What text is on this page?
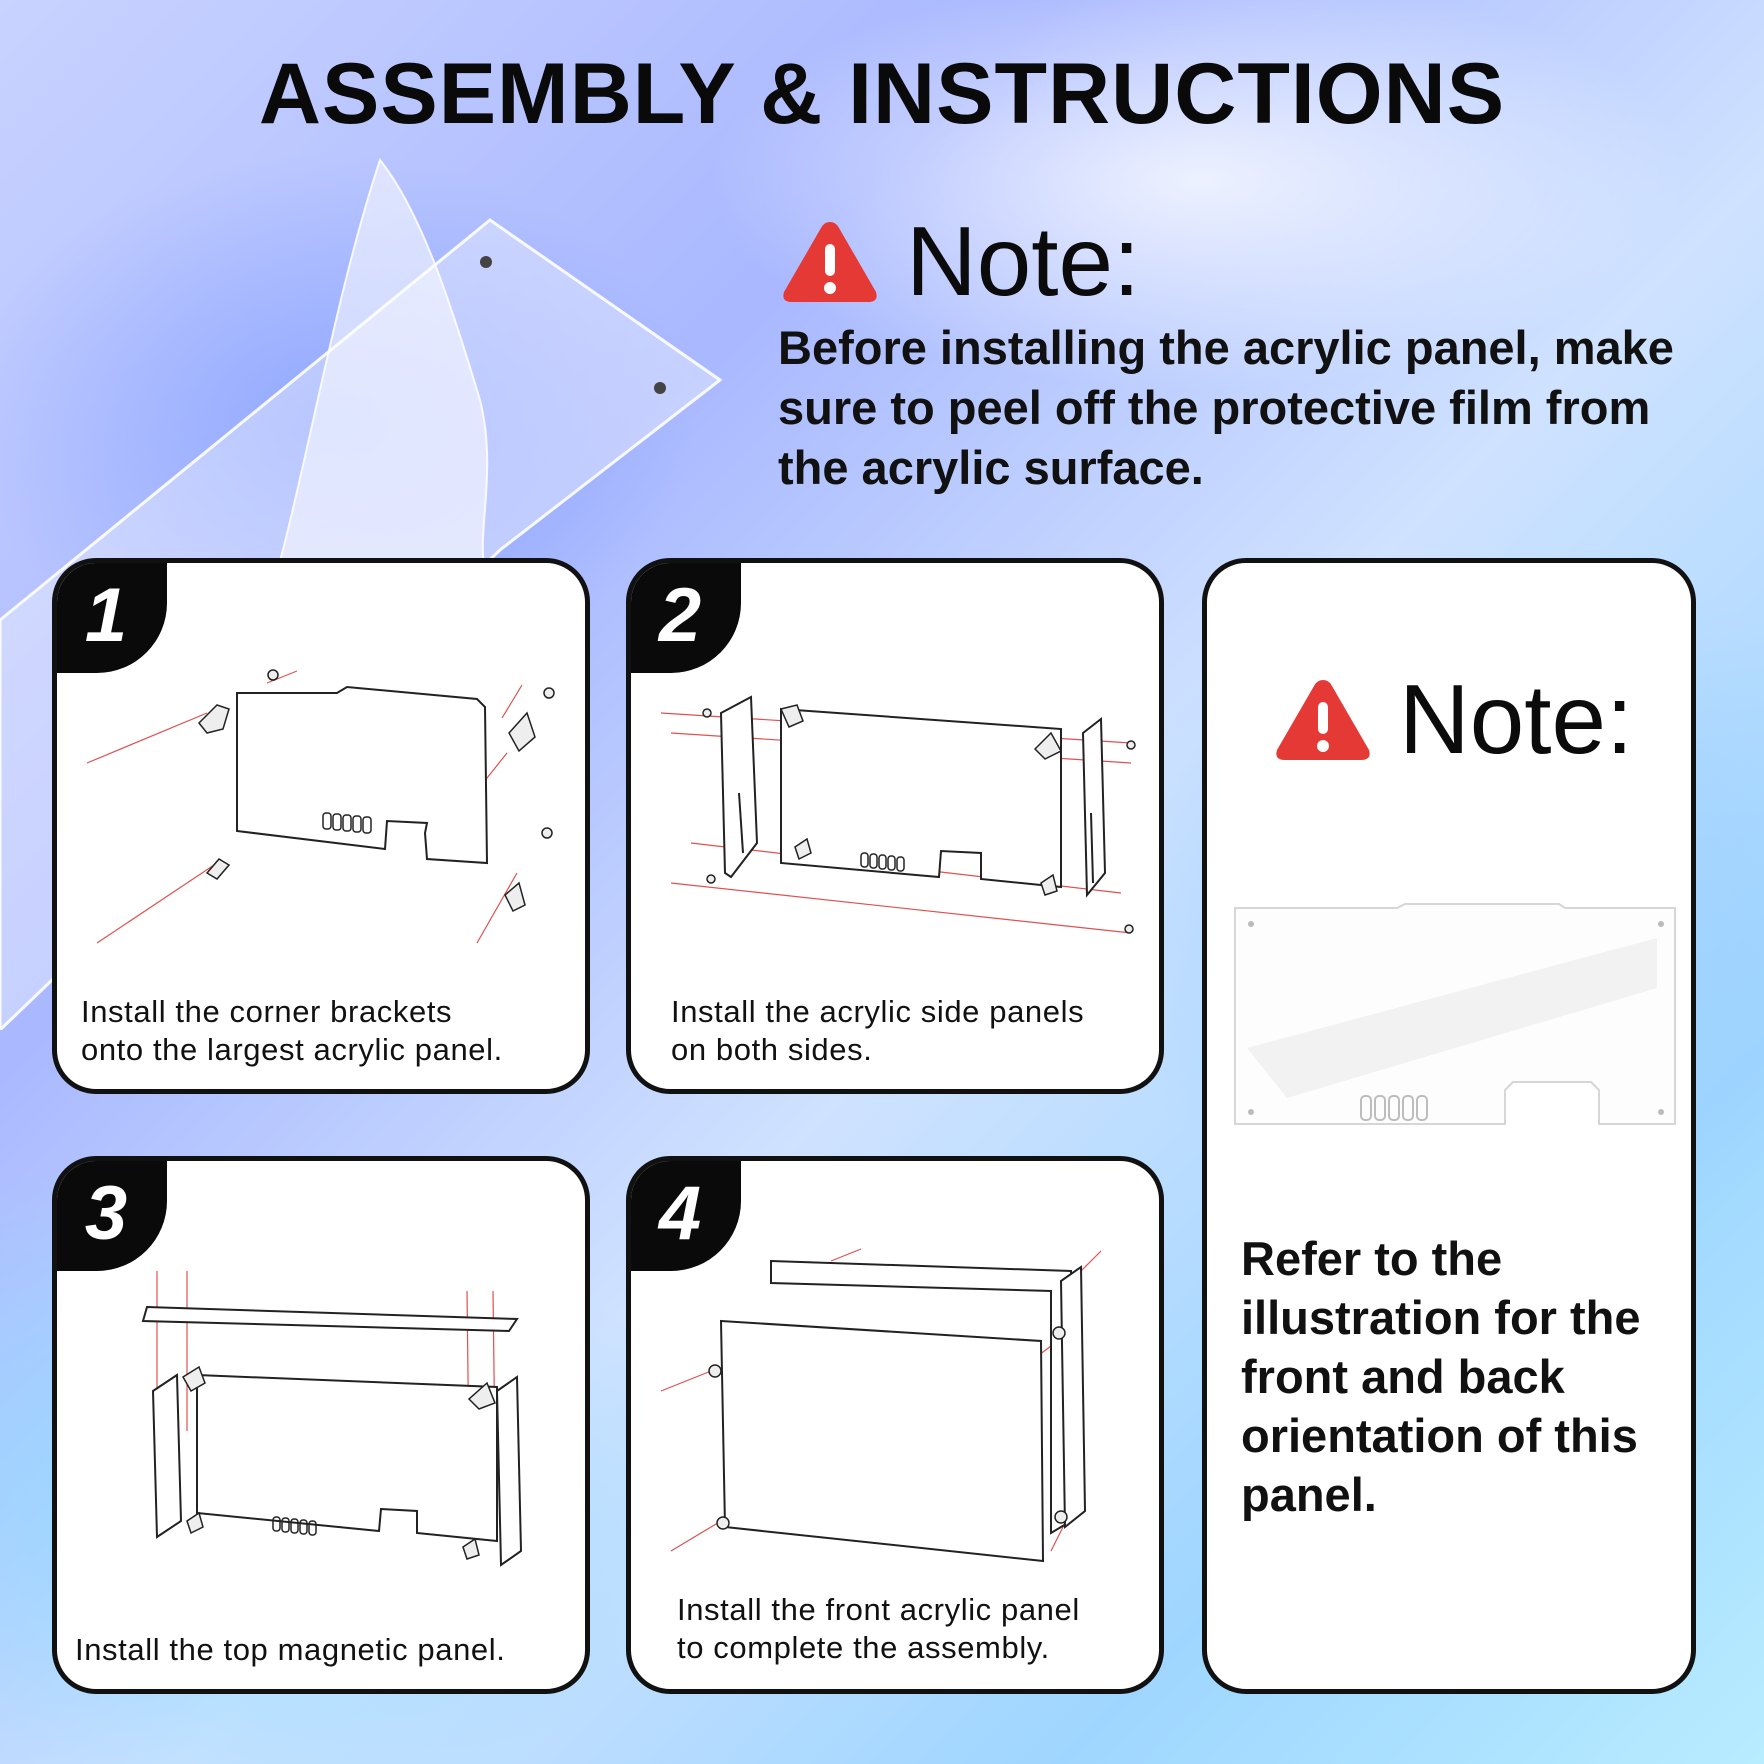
ASSEMBLY & INSTRUCTIONS
Note:
Before installing the acrylic panel, make sure to peel off the protective film from the acrylic surface.
1
Install the corner brackets
onto the largest acrylic panel.
2
Install the acrylic side panels
on both sides.
3
Install the top magnetic panel.
4
Install the front acrylic panel
to complete the assembly.
Note:
Refer to the illustration for the front and back orientation of this panel.
